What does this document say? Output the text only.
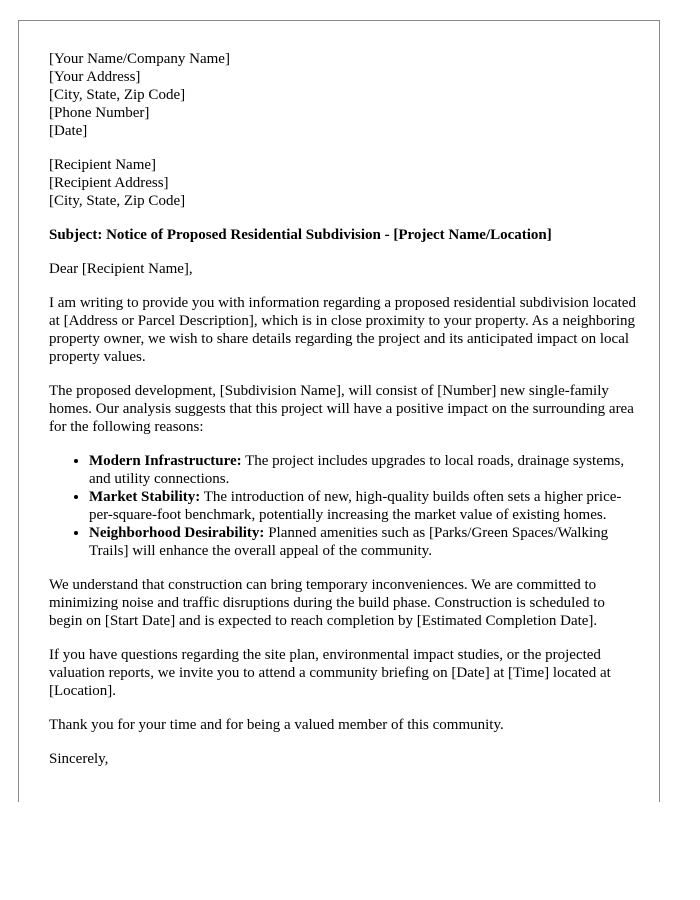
[Your Name/Company Name]
[Your Address]
[City, State, Zip Code]
[Phone Number]
[Date]
[Recipient Name]
[Recipient Address]
[City, State, Zip Code]

Subject: Notice of Proposed Residential Subdivision - [Project Name/Location]

Dear [Recipient Name],

I am writing to provide you with information regarding a proposed residential subdivision located at [Address or Parcel Description], which is in close proximity to your property. As a neighboring property owner, we wish to share details regarding the project and its anticipated impact on local property values.

The proposed development, [Subdivision Name], will consist of [Number] new single-family homes. Our analysis suggests that this project will have a positive impact on the surrounding area for the following reasons:

• Modern Infrastructure: The project includes upgrades to local roads, drainage systems, and utility connections.
• Market Stability: The introduction of new, high-quality builds often sets a higher price-per-square-foot benchmark, potentially increasing the market value of existing homes.
• Neighborhood Desirability: Planned amenities such as [Parks/Green Spaces/Walking Trails] will enhance the overall appeal of the community.

We understand that construction can bring temporary inconveniences. We are committed to minimizing noise and traffic disruptions during the build phase. Construction is scheduled to begin on [Start Date] and is expected to reach completion by [Estimated Completion Date].

If you have questions regarding the site plan, environmental impact studies, or the projected valuation reports, we invite you to attend a community briefing on [Date] at [Time] located at [Location].

Thank you for your time and for being a valued member of this community.

Sincerely,
